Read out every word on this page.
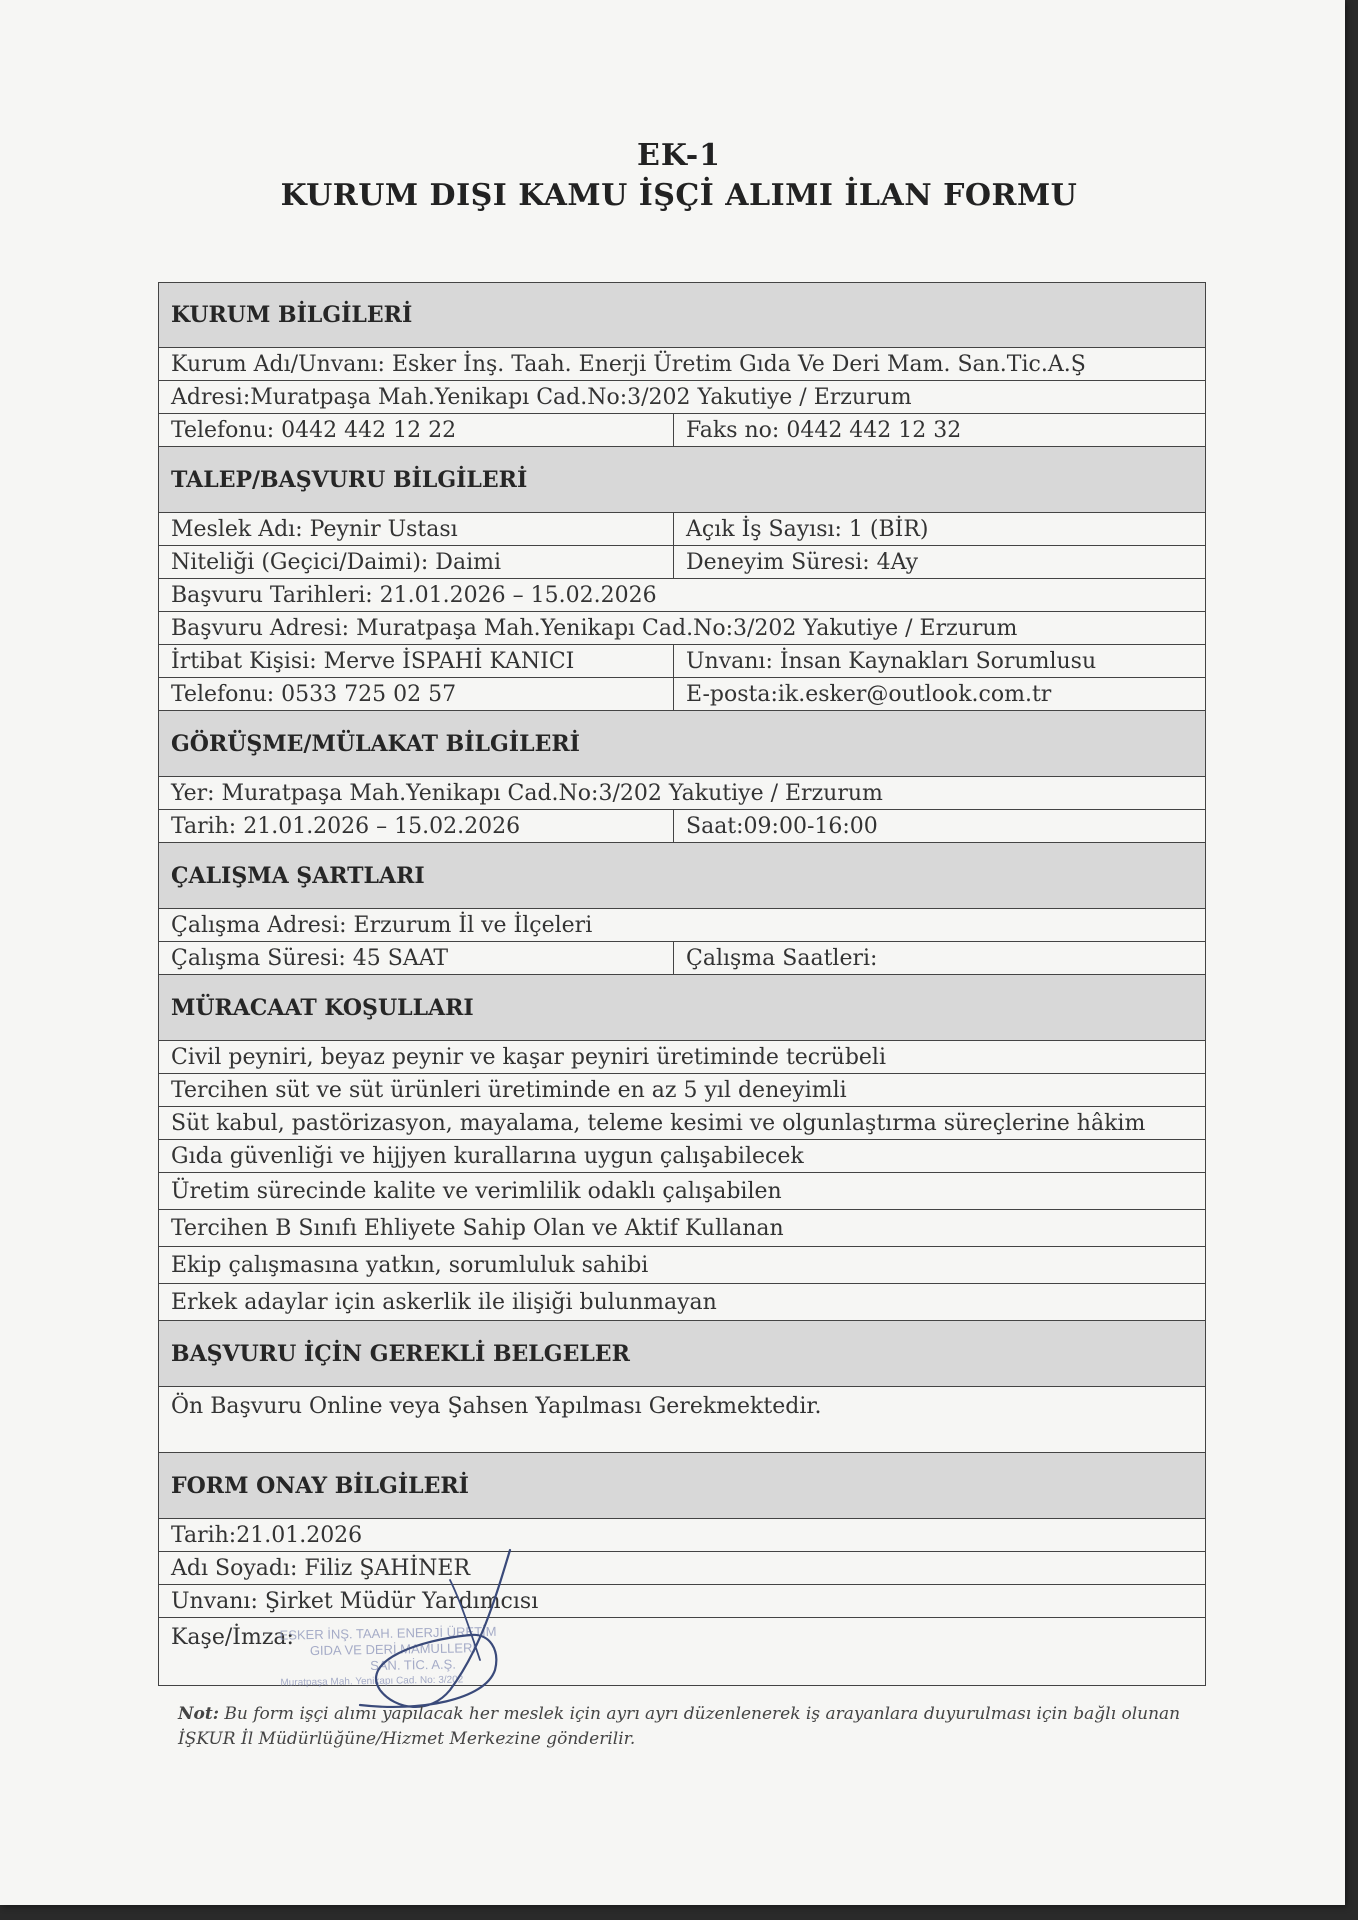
EK-1
KURUM DIŞI KAMU İŞÇİ ALIMI İLAN FORMU
KURUM BİLGİLERİ
Kurum Adı/Unvanı: Esker İnş. Taah. Enerji Üretim Gıda Ve Deri Mam. San.Tic.A.Ş
Adresi:Muratpaşa Mah.Yenikapı Cad.No:3/202 Yakutiye / Erzurum
Telefonu: 0442 442 12 22	Faks no: 0442 442 12 32
TALEP/BAŞVURU BİLGİLERİ
Meslek Adı: Peynir Ustası	Açık İş Sayısı: 1 (BİR)
Niteliği (Geçici/Daimi): Daimi	Deneyim Süresi: 4Ay
Başvuru Tarihleri: 21.01.2026 – 15.02.2026
Başvuru Adresi: Muratpaşa Mah.Yenikapı Cad.No:3/202 Yakutiye / Erzurum
İrtibat Kişisi: Merve İSPAHİ KANICI	Unvanı: İnsan Kaynakları Sorumlusu
Telefonu: 0533 725 02 57	E-posta:ik.esker@outlook.com.tr
GÖRÜŞME/MÜLAKAT BİLGİLERİ
Yer: Muratpaşa Mah.Yenikapı Cad.No:3/202 Yakutiye / Erzurum
Tarih: 21.01.2026 – 15.02.2026	Saat:09:00-16:00
ÇALIŞMA ŞARTLARI
Çalışma Adresi: Erzurum İl ve İlçeleri
Çalışma Süresi: 45 SAAT	Çalışma Saatleri:
MÜRACAAT KOŞULLARI
Civil peyniri, beyaz peynir ve kaşar peyniri üretiminde tecrübeli
Tercihen süt ve süt ürünleri üretiminde en az 5 yıl deneyimli
Süt kabul, pastörizasyon, mayalama, teleme kesimi ve olgunlaştırma süreçlerine hâkim
Gıda güvenliği ve hijjyen kurallarına uygun çalışabilecek
Üretim sürecinde kalite ve verimlilik odaklı çalışabilen
Tercihen B Sınıfı Ehliyete Sahip Olan ve Aktif Kullanan
Ekip çalışmasına yatkın, sorumluluk sahibi
Erkek adaylar için askerlik ile ilişiği bulunmayan
BAŞVURU İÇİN GEREKLİ BELGELER
Ön Başvuru Online veya Şahsen Yapılması Gerekmektedir.
FORM ONAY BİLGİLERİ
Tarih:21.01.2026
Adı Soyadı: Filiz ŞAHİNER
Unvanı: Şirket Müdür Yardımcısı
Kaşe/İmza:
ESKER İNŞ. TAAH. ENERJİ ÜRETİM
GIDA VE DERİ MAMULLERİ
SAN. TİC. A.Ş.
Muratpaşa Mah. Yenikapı Cad. No: 3/202
Not: Bu form işçi alımı yapılacak her meslek için ayrı ayrı düzenlenerek iş arayanlara duyurulması için bağlı olunan İŞKUR İl Müdürlüğüne/Hizmet Merkezine gönderilir.
